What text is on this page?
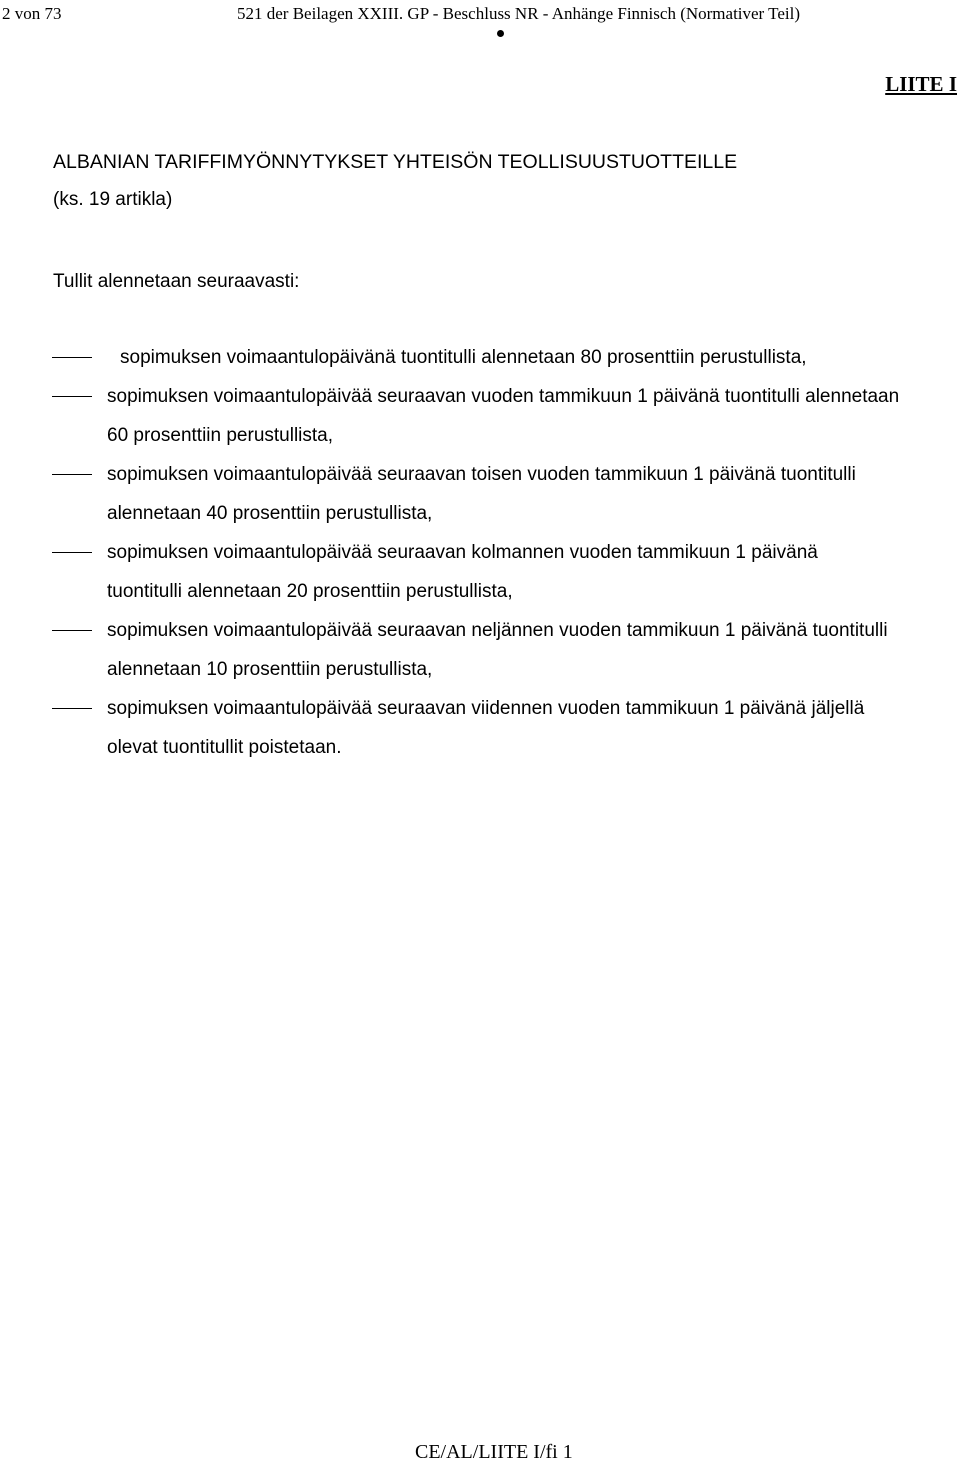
2 von 73	521 der Beilagen XXIII. GP - Beschluss NR - Anhänge Finnisch (Normativer Teil)
LIITE I
ALBANIAN TARIFFIMYÖNNYTYKSET YHTEISÖN TEOLLISUUSTUOTTEILLE
(ks. 19 artikla)
Tullit alennetaan seuraavasti:
sopimuksen voimaantulopäivänä tuontitulli alennetaan 80 prosenttiin perustullista,
sopimuksen voimaantulopäivää seuraavan vuoden tammikuun 1 päivänä tuontitulli alennetaan
60 prosenttiin perustullista,
sopimuksen voimaantulopäivää seuraavan toisen vuoden tammikuun 1 päivänä tuontitulli
alennetaan 40 prosenttiin perustullista,
sopimuksen voimaantulopäivää seuraavan kolmannen vuoden tammikuun 1 päivänä
tuontitulli alennetaan 20 prosenttiin perustullista,
sopimuksen voimaantulopäivää seuraavan neljännen vuoden tammikuun 1 päivänä tuontitulli
alennetaan 10 prosenttiin perustullista,
sopimuksen voimaantulopäivää seuraavan viidennen vuoden tammikuun 1 päivänä jäljellä
olevat tuontitullit poistetaan.
CE/AL/LIITE I/fi 1
